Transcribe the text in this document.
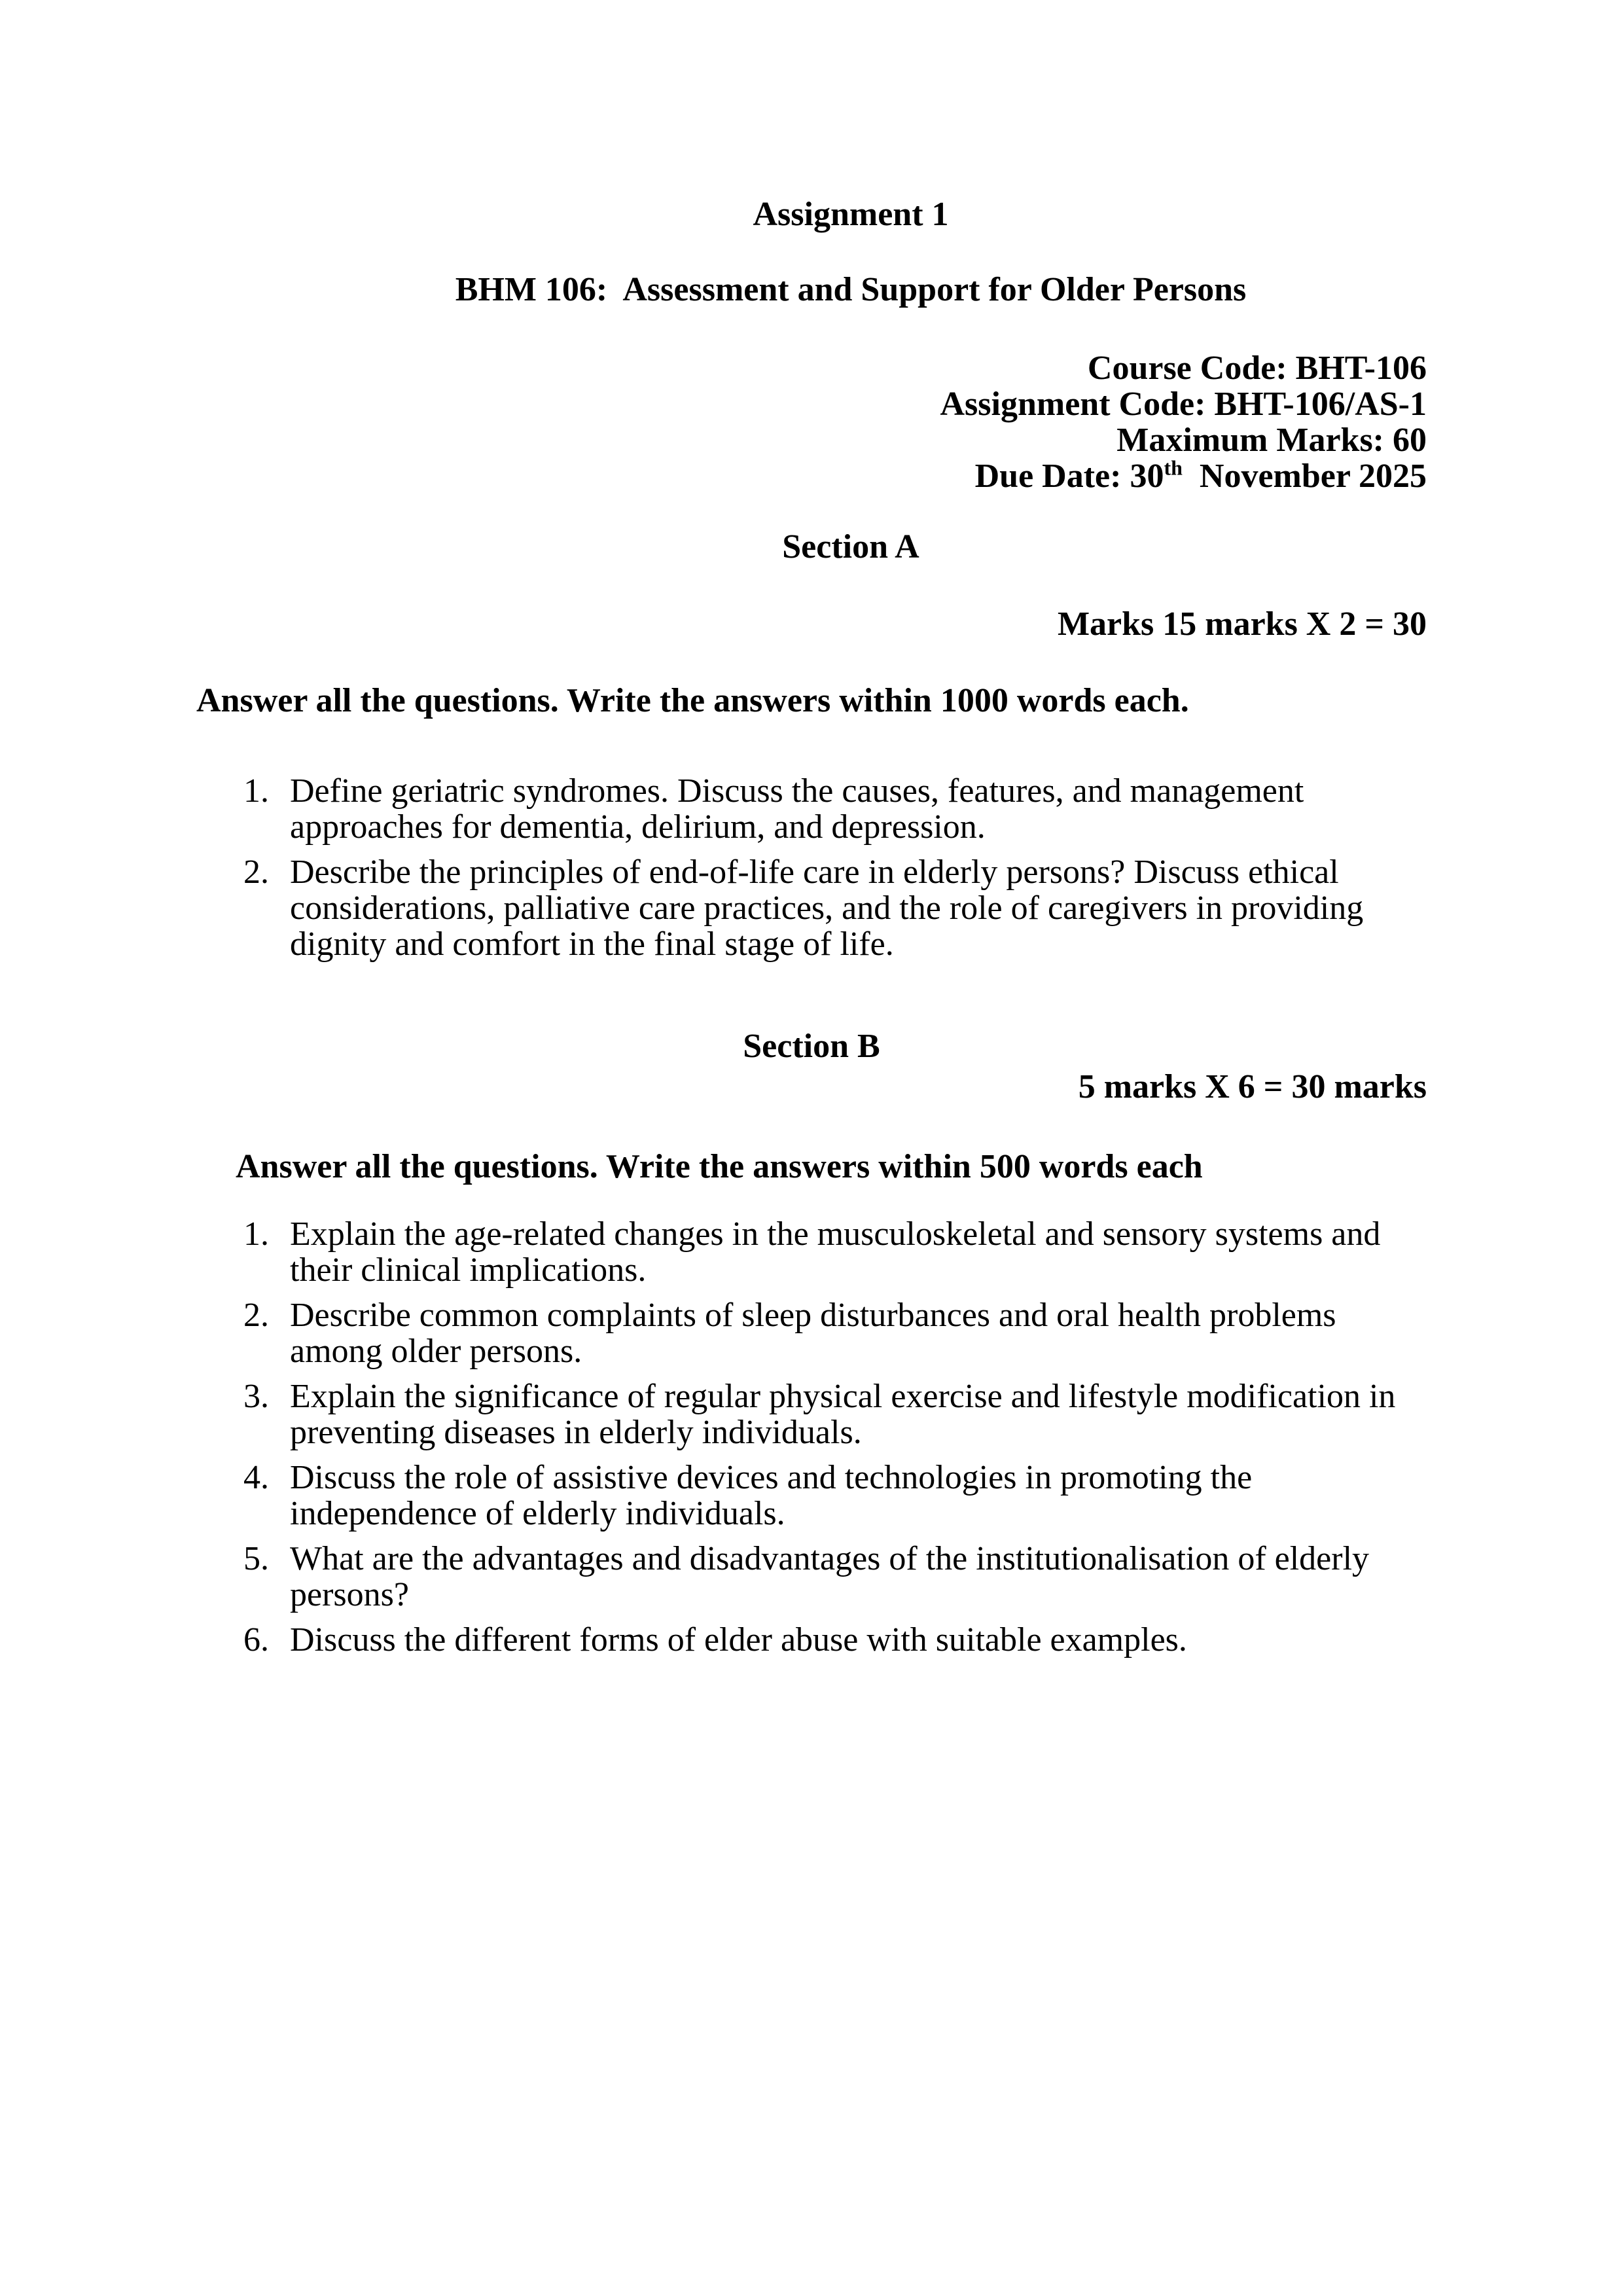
Assignment 1
BHM 106:  Assessment and Support for Older Persons
Course Code: BHT-106
Assignment Code: BHT-106/AS-1
Maximum Marks: 60
Due Date: 30th  November 2025
Section A
Marks 15 marks X 2 = 30
Answer all the questions. Write the answers within 1000 words each.
1. Define geriatric syndromes. Discuss the causes, features, and management approaches for dementia, delirium, and depression.
2. Describe the principles of end-of-life care in elderly persons? Discuss ethical considerations, palliative care practices, and the role of caregivers in providing dignity and comfort in the final stage of life.
Section B
5 marks X 6 = 30 marks
Answer all the questions. Write the answers within 500 words each
1. Explain the age-related changes in the musculoskeletal and sensory systems and their clinical implications.
2. Describe common complaints of sleep disturbances and oral health problems among older persons.
3. Explain the significance of regular physical exercise and lifestyle modification in preventing diseases in elderly individuals.
4. Discuss the role of assistive devices and technologies in promoting the independence of elderly individuals.
5. What are the advantages and disadvantages of the institutionalisation of elderly persons?
6. Discuss the different forms of elder abuse with suitable examples.
